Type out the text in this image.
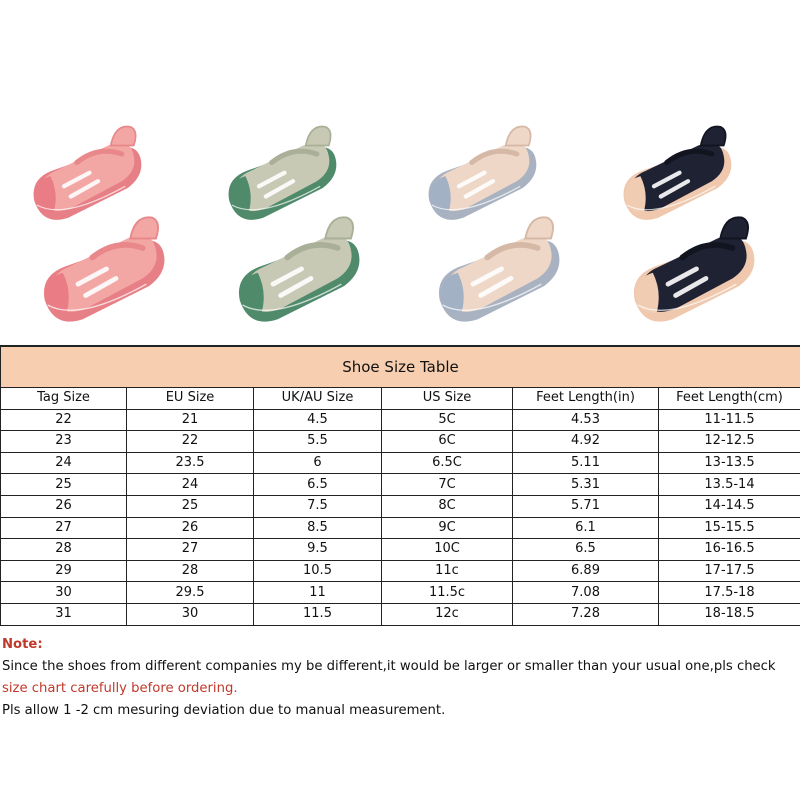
Shoe Size Table					
Tag Size	EU Size	UK/AU Size	US Size	Feet Length(in)	Feet Length(cm)
22	21	4.5	5C	4.53	11-11.5
23	22	5.5	6C	4.92	12-12.5
24	23.5	6	6.5C	5.11	13-13.5
25	24	6.5	7C	5.31	13.5-14
26	25	7.5	8C	5.71	14-14.5
27	26	8.5	9C	6.1	15-15.5
28	27	9.5	10C	6.5	16-16.5
29	28	10.5	11c	6.89	17-17.5
30	29.5	11	11.5c	7.08	17.5-18
31	30	11.5	12c	7.28	18-18.5
Note:
Since the shoes from different companies my be different,it would be larger or smaller than your usual one,pls check
size chart carefully before ordering.
Pls allow 1 -2 cm mesuring deviation due to manual measurement.
